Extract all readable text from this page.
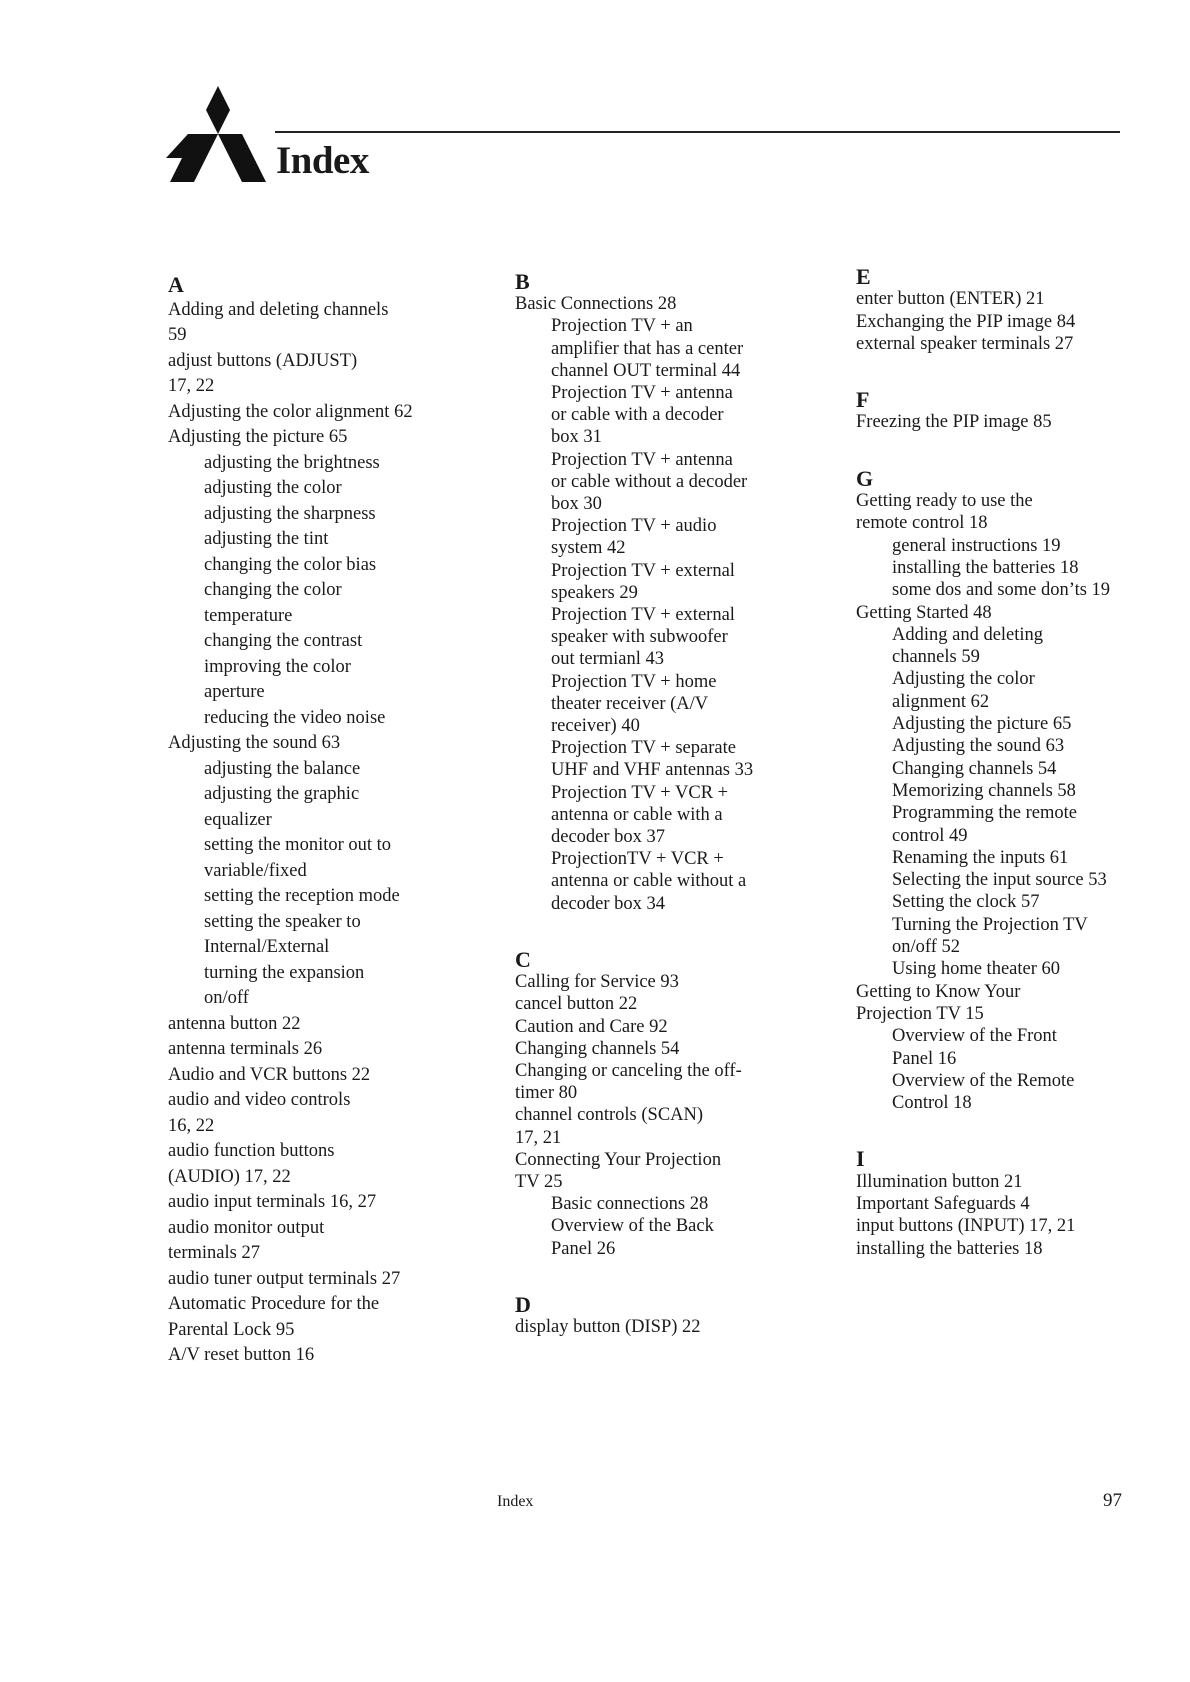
Index
A
Adding and deleting channels
59
adjust buttons (ADJUST)
17, 22
Adjusting the color alignment 62
Adjusting the picture 65
adjusting the brightness
adjusting the color
adjusting the sharpness
adjusting the tint
changing the color bias
changing the color
temperature
changing the contrast
improving the color
aperture
reducing the video noise
Adjusting the sound 63
adjusting the balance
adjusting the graphic
equalizer
setting the monitor out to
variable/fixed
setting the reception mode
setting the speaker to
Internal/External
turning the expansion
on/off
antenna button 22
antenna terminals 26
Audio and VCR buttons 22
audio and video controls
16, 22
audio function buttons
(AUDIO) 17, 22
audio input terminals 16, 27
audio monitor output
terminals 27
audio tuner output terminals 27
Automatic Procedure for the
Parental Lock 95
A/V reset button 16
B
Basic Connections 28
Projection TV + an
amplifier that has a center
channel OUT terminal 44
Projection TV + antenna
or cable with a decoder
box 31
Projection TV + antenna
or cable without a decoder
box 30
Projection TV + audio
system 42
Projection TV + external
speakers 29
Projection TV + external
speaker with subwoofer
out termianl 43
Projection TV + home
theater receiver (A/V
receiver) 40
Projection TV + separate
UHF and VHF antennas 33
Projection TV + VCR +
antenna or cable with a
decoder box 37
ProjectionTV + VCR +
antenna or cable without a
decoder box 34
C
Calling for Service 93
cancel button 22
Caution and Care 92
Changing channels 54
Changing or canceling the off-
timer 80
channel controls (SCAN)
17, 21
Connecting Your Projection
TV 25
Basic connections 28
Overview of the Back
Panel 26
D
display button (DISP) 22
E
enter button (ENTER) 21
Exchanging the PIP image 84
external speaker terminals 27
F
Freezing the PIP image 85
G
Getting ready to use the
remote control 18
general instructions 19
installing the batteries 18
some dos and some don’ts 19
Getting Started 48
Adding and deleting
channels 59
Adjusting the color
alignment 62
Adjusting the picture 65
Adjusting the sound 63
Changing channels 54
Memorizing channels 58
Programming the remote
control 49
Renaming the inputs 61
Selecting the input source 53
Setting the clock 57
Turning the Projection TV
on/off 52
Using home theater 60
Getting to Know Your
Projection TV 15
Overview of the Front
Panel 16
Overview of the Remote
Control 18
I
Illumination button 21
Important Safeguards 4
input buttons (INPUT) 17, 21
installing the batteries 18
Index	97
